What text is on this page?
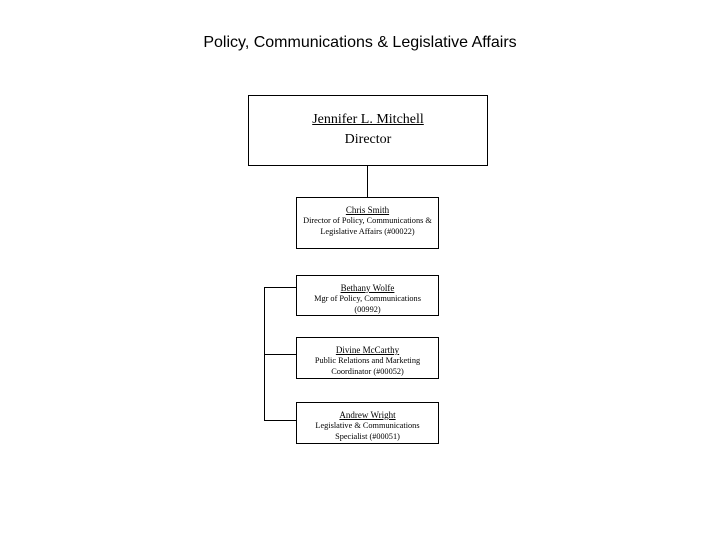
Policy, Communications & Legislative Affairs
Jennifer L. Mitchell
Director
Chris Smith
Director of Policy, Communications & Legislative Affairs (#00022)
Bethany Wolfe
Mgr of Policy, Communications (00992)
Divine McCarthy
Public Relations and Marketing Coordinator (#00052)
Andrew Wright
Legislative & Communications Specialist (#00051)
